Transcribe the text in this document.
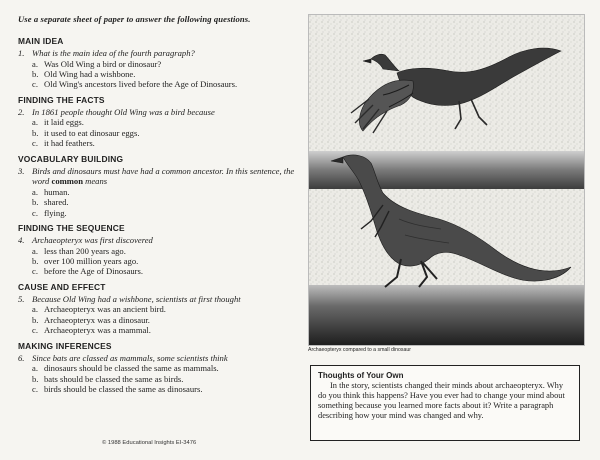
Use a separate sheet of paper to answer the following questions.
MAIN IDEA
1. What is the main idea of the fourth paragraph?
a. Was Old Wing a bird or dinosaur?
b. Old Wing had a wishbone.
c. Old Wing's ancestors lived before the Age of Dinosaurs.
FINDING THE FACTS
2. In 1861 people thought Old Wing was a bird because
a. it laid eggs.
b. it used to eat dinosaur eggs.
c. it had feathers.
VOCABULARY BUILDING
3. Birds and dinosaurs must have had a common ancestor. In this sentence, the word common means
a. human.
b. shared.
c. flying.
FINDING THE SEQUENCE
4. Archaeopteryx was first discovered
a. less than 200 years ago.
b. over 100 million years ago.
c. before the Age of Dinosaurs.
CAUSE AND EFFECT
5. Because Old Wing had a wishbone, scientists at first thought
a. Archaeopteryx was an ancient bird.
b. Archaeopteryx was a dinosaur.
c. Archaeopteryx was a mammal.
MAKING INFERENCES
6. Since bats are classed as mammals, some scientists think
a. dinosaurs should be classed the same as mammals.
b. bats should be classed the same as birds.
c. birds should be classed the same as dinosaurs.
© 1988 Educational Insights EI-3476
Archaeopteryx compared to a small dinosaur
Thoughts of Your Own

In the story, scientists changed their minds about archaeopteryx. Why do you think this happens? Have you ever had to change your mind about something because you learned more facts about it? Write a paragraph describing how your mind was changed and why.
